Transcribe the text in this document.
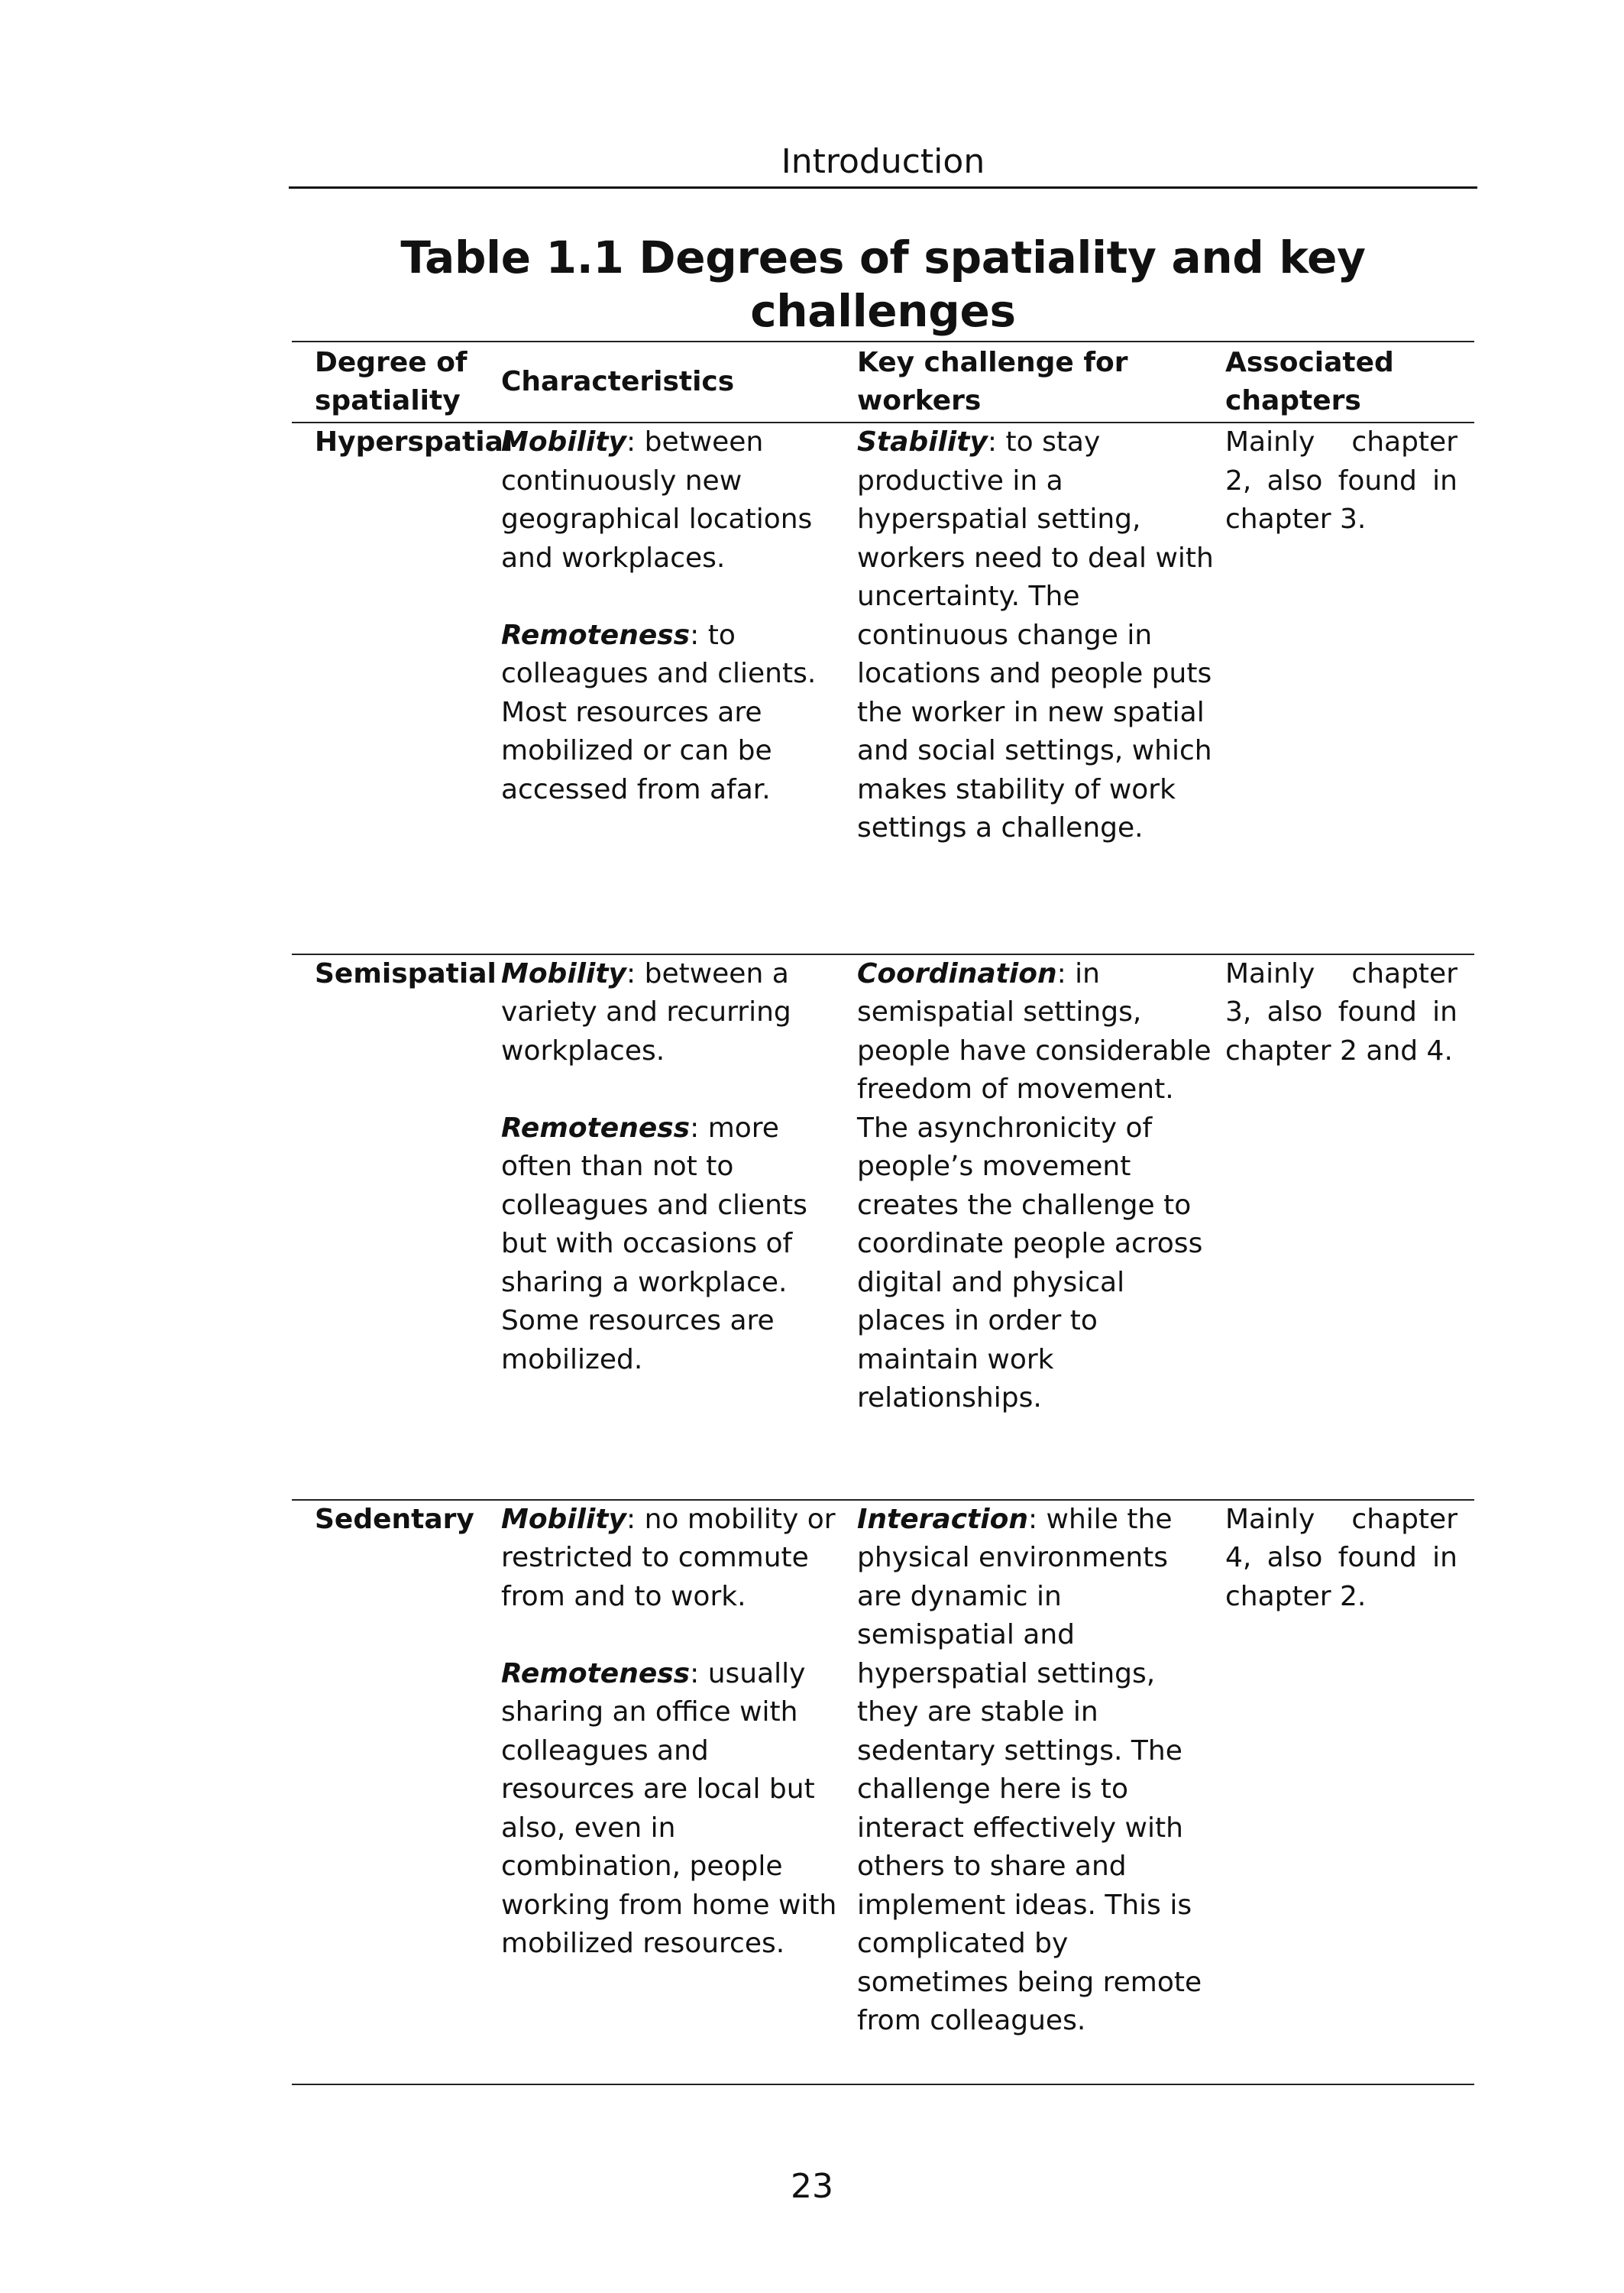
Introduction
Table 1.1 Degrees of spatiality and key challenges
Degree of spatiality
Characteristics
Key challenge for workers
Associated chapters
Hyperspatial

Mobility: between continuously new geographical locations and workplaces.

Remoteness: to colleagues and clients. Most resources are mobilized or can be accessed from afar.

Stability: to stay productive in a hyperspatial setting, workers need to deal with uncertainty. The continuous change in locations and people puts the worker in new spatial and social settings, which makes stability of work settings a challenge.

Mainly chapter 2, also found in chapter 3.
Semispatial Mobility: between a variety and recurring workplaces.

Remoteness: more often than not to colleagues and clients but with occasions of sharing a workplace. Some resources are mobilized.

Coordination: in semispatial settings, people have considerable freedom of movement. The asynchronicity of people’s movement creates the challenge to coordinate people across digital and physical places in order to maintain work relationships.

Mainly chapter 3, also found in chapter 2 and 4.
Sedentary Mobility: no mobility or restricted to commute from and to work.

Remoteness: usually sharing an office with colleagues and resources are local but also, even in combination, people working from home with mobilized resources.

Interaction: while the physical environments are dynamic in semispatial and hyperspatial settings, they are stable in sedentary settings. The challenge here is to interact effectively with others to share and implement ideas. This is complicated by sometimes being remote from colleagues.

Mainly chapter 4, also found in chapter 2.
23
